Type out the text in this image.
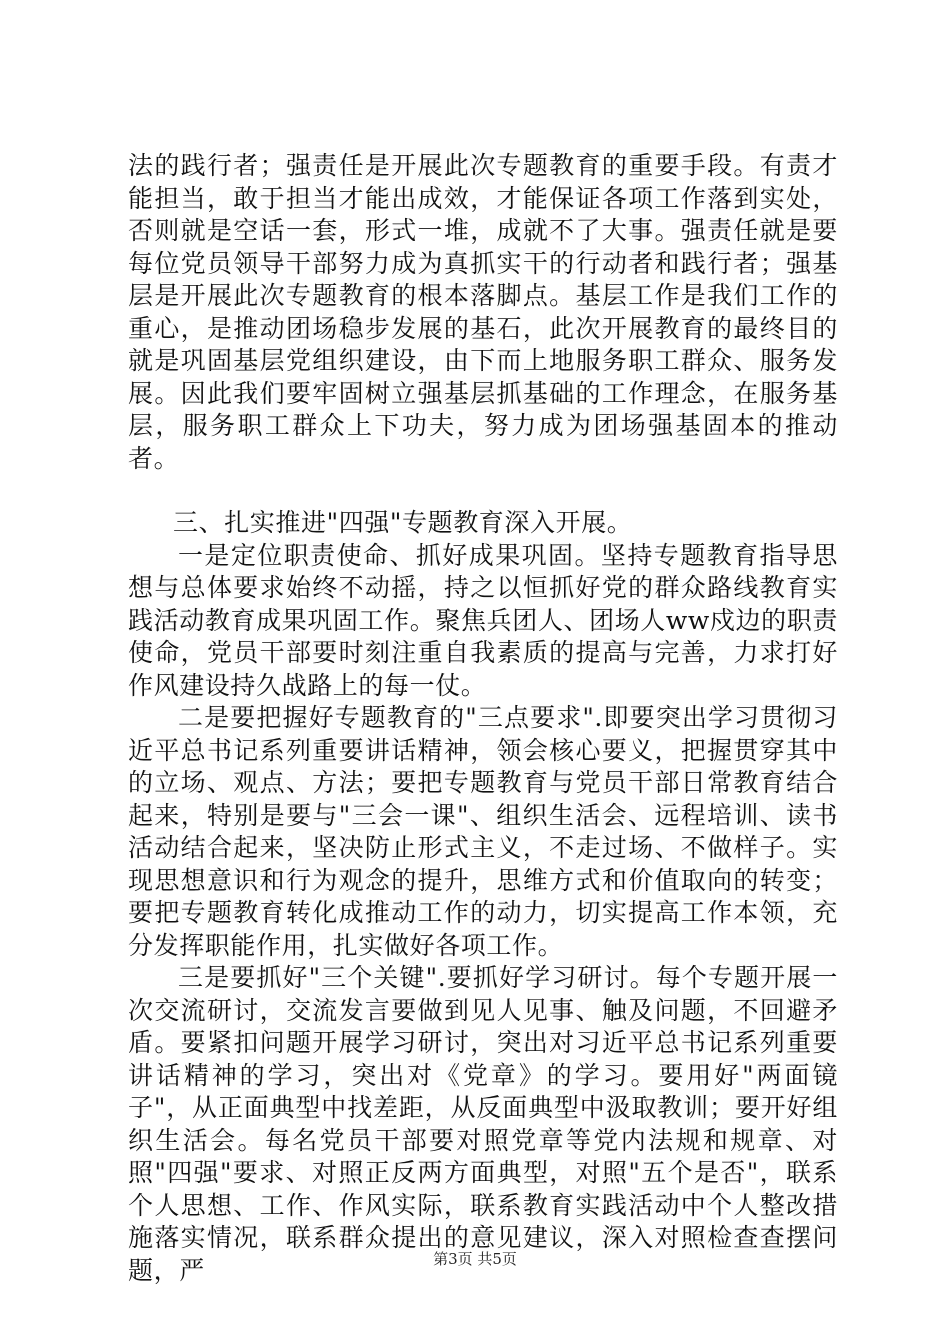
法的践行者；强责任是开展此次专题教育的重要手段。有责才能担当，敢于担当才能出成效，才能保证各项工作落到实处，否则就是空话一套，形式一堆，成就不了大事。强责任就是要每位党员领导干部努力成为真抓实干的行动者和践行者；强基层是开展此次专题教育的根本落脚点。基层工作是我们工作的重心，是推动团场稳步发展的基石，此次开展教育的最终目的就是巩固基层党组织建设，由下而上地服务职工群众、服务发展。因此我们要牢固树立强基层抓基础的工作理念，在服务基层，服务职工群众上下功夫，努力成为团场强基固本的推动者。

三、扎实推进"四强"专题教育深入开展。

一是定位职责使命、抓好成果巩固。坚持专题教育指导思想与总体要求始终不动摇，持之以恒抓好党的群众路线教育实践活动教育成果巩固工作。聚焦兵团人、团场人ww戍边的职责使命，党员干部要时刻注重自我素质的提高与完善，力求打好作风建设持久战路上的每一仗。

二是要把握好专题教育的"三点要求".即要突出学习贯彻习近平总书记系列重要讲话精神，领会核心要义，把握贯穿其中的立场、观点、方法；要把专题教育与党员干部日常教育结合起来，特别是要与"三会一课"、组织生活会、远程培训、读书活动结合起来，坚决防止形式主义，不走过场、不做样子。实现思想意识和行为观念的提升，思维方式和价值取向的转变；要把专题教育转化成推动工作的动力，切实提高工作本领，充分发挥职能作用，扎实做好各项工作。

三是要抓好"三个关键".要抓好学习研讨。每个专题开展一次交流研讨，交流发言要做到见人见事、触及问题，不回避矛盾。要紧扣问题开展学习研讨，突出对习近平总书记系列重要讲话精神的学习，突出对《党章》的学习。要用好"两面镜子"，从正面典型中找差距，从反面典型中汲取教训；要开好组织生活会。每名党员干部要对照党章等党内法规和规章、对照"四强"要求、对照正反两方面典型，对照"五个是否"，联系个人思想、工作、作风实际，联系教育实践活动中个人整改措施落实情况，联系群众提出的意见建议，深入对照检查查摆问题，严	第3页 共5页
